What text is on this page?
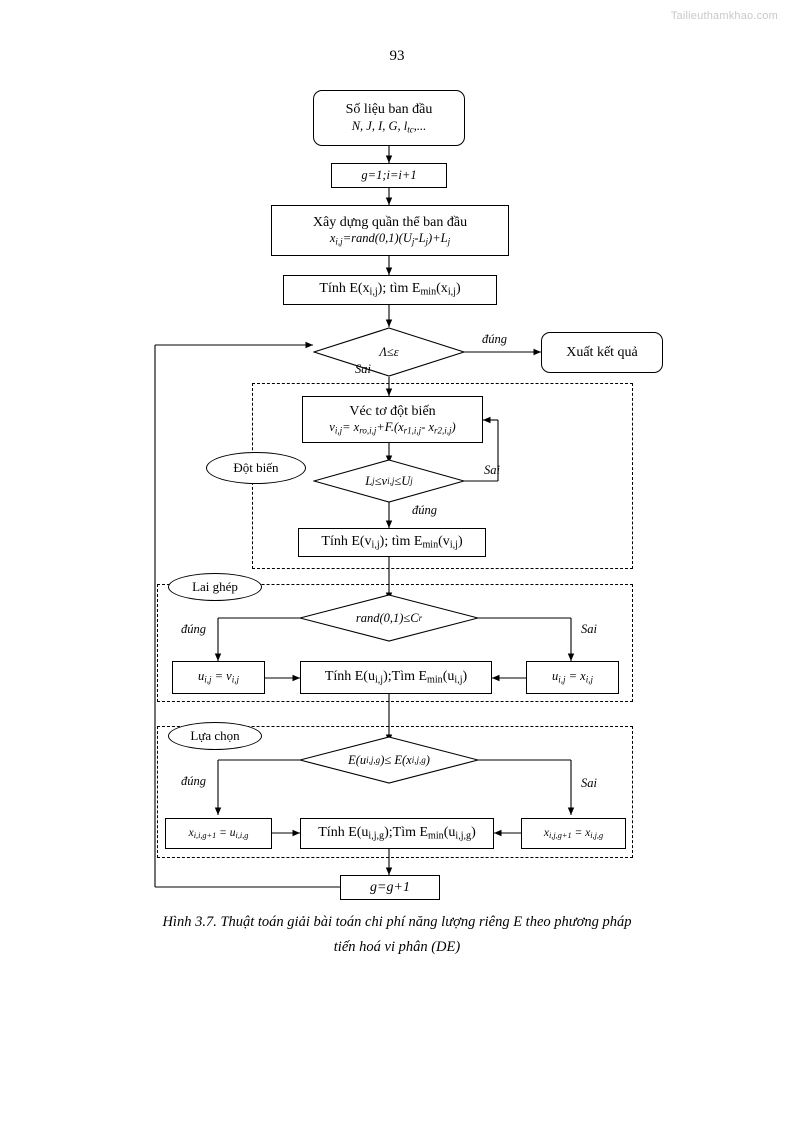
Tailieuthamkhao.com
93
Số liệu ban đầu
N, J, I, G, $l_{tc}$,...
g=1;i=i+1
Xây dựng quần thể ban đầu
$x_{i,j}=rand(0,1)(U_j-L_j)+L_j$
Tính $E(x_{i,j})$; tìm $E_{min}(x_{i,j})$
Λ≤ε
đúng
Sai
Xuất kết quả
Véc tơ đột biến
$v_{i,j}= x_{ro,i,j}+F.(x_{r1,i,j}-$ $x_{r2,i,j}$)
Đột biến
L j ≤v i,j ≤U j
Sai
đúng
Tính $E(v_{i,j})$; tìm $E_{min}(v_{i,j})$
Lai ghép
rand(0,1)≤C r
đúng	Sai
$u_{i,j} = v_{i,j}$	Tính $E(u_{i,j});Tìm$ $E_{min}(u_{i,j})$	$u_{i,j} = x_{i,j}$
Lựa chọn
E(u i,j,g )≤ E(x i,j,g )
đúng	Sai
$x_{i,i,g+1} = u_{i,i,g}$	Tính $E(u_{i,j,g});Tìm$ $E_{min}(u_{i,j,g})$	$x_{i,j,g+1} = x_{i,j,g}$
g=g+1
Hình 3.7. Thuật toán giải bài toán chi phí năng lượng riêng E theo phương pháp
tiến hoá vi phân (DE)
